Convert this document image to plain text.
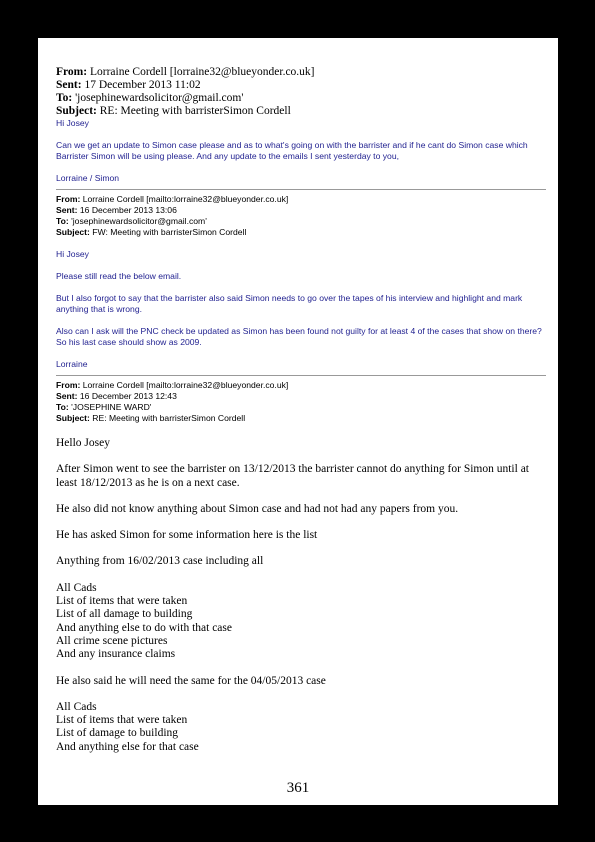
From: Lorraine Cordell [lorraine32@blueyonder.co.uk]
Sent: 17 December 2013 11:02
To: 'josephinewardsolicitor@gmail.com'
Subject: RE: Meeting with barristerSimon Cordell

Hi Josey

Can we get an update to Simon case please and as to what's going on with the barrister and if he cant do Simon case which Barrister Simon will be using please. And any update to the emails I sent yesterday to you,

Lorraine / Simon

From: Lorraine Cordell [mailto:lorraine32@blueyonder.co.uk]
Sent: 16 December 2013 13:06
To: 'josephinewardsolicitor@gmail.com'
Subject: FW: Meeting with barristerSimon Cordell

Hi Josey

Please still read the below email.

But I also forgot to say that the barrister also said Simon needs to go over the tapes of his interview and highlight and mark anything that is wrong.

Also can I ask will the PNC check be updated as Simon has been found not guilty for at least 4 of the cases that show on there? So his last case should show as 2009.

Lorraine

From: Lorraine Cordell [mailto:lorraine32@blueyonder.co.uk]
Sent: 16 December 2013 12:43
To: 'JOSEPHINE WARD'
Subject: RE: Meeting with barristerSimon Cordell

Hello Josey

After Simon went to see the barrister on 13/12/2013 the barrister cannot do anything for Simon until at least 18/12/2013 as he is on a next case.

He also did not know anything about Simon case and had not had any papers from you.

He has asked Simon for some information here is the list

Anything from 16/02/2013 case including all

All Cads
List of items that were taken
List of all damage to building
And anything else to do with that case
All crime scene pictures
And any insurance claims

He also said he will need the same for the 04/05/2013 case

All Cads
List of items that were taken
List of damage to building
And anything else for that case
361
